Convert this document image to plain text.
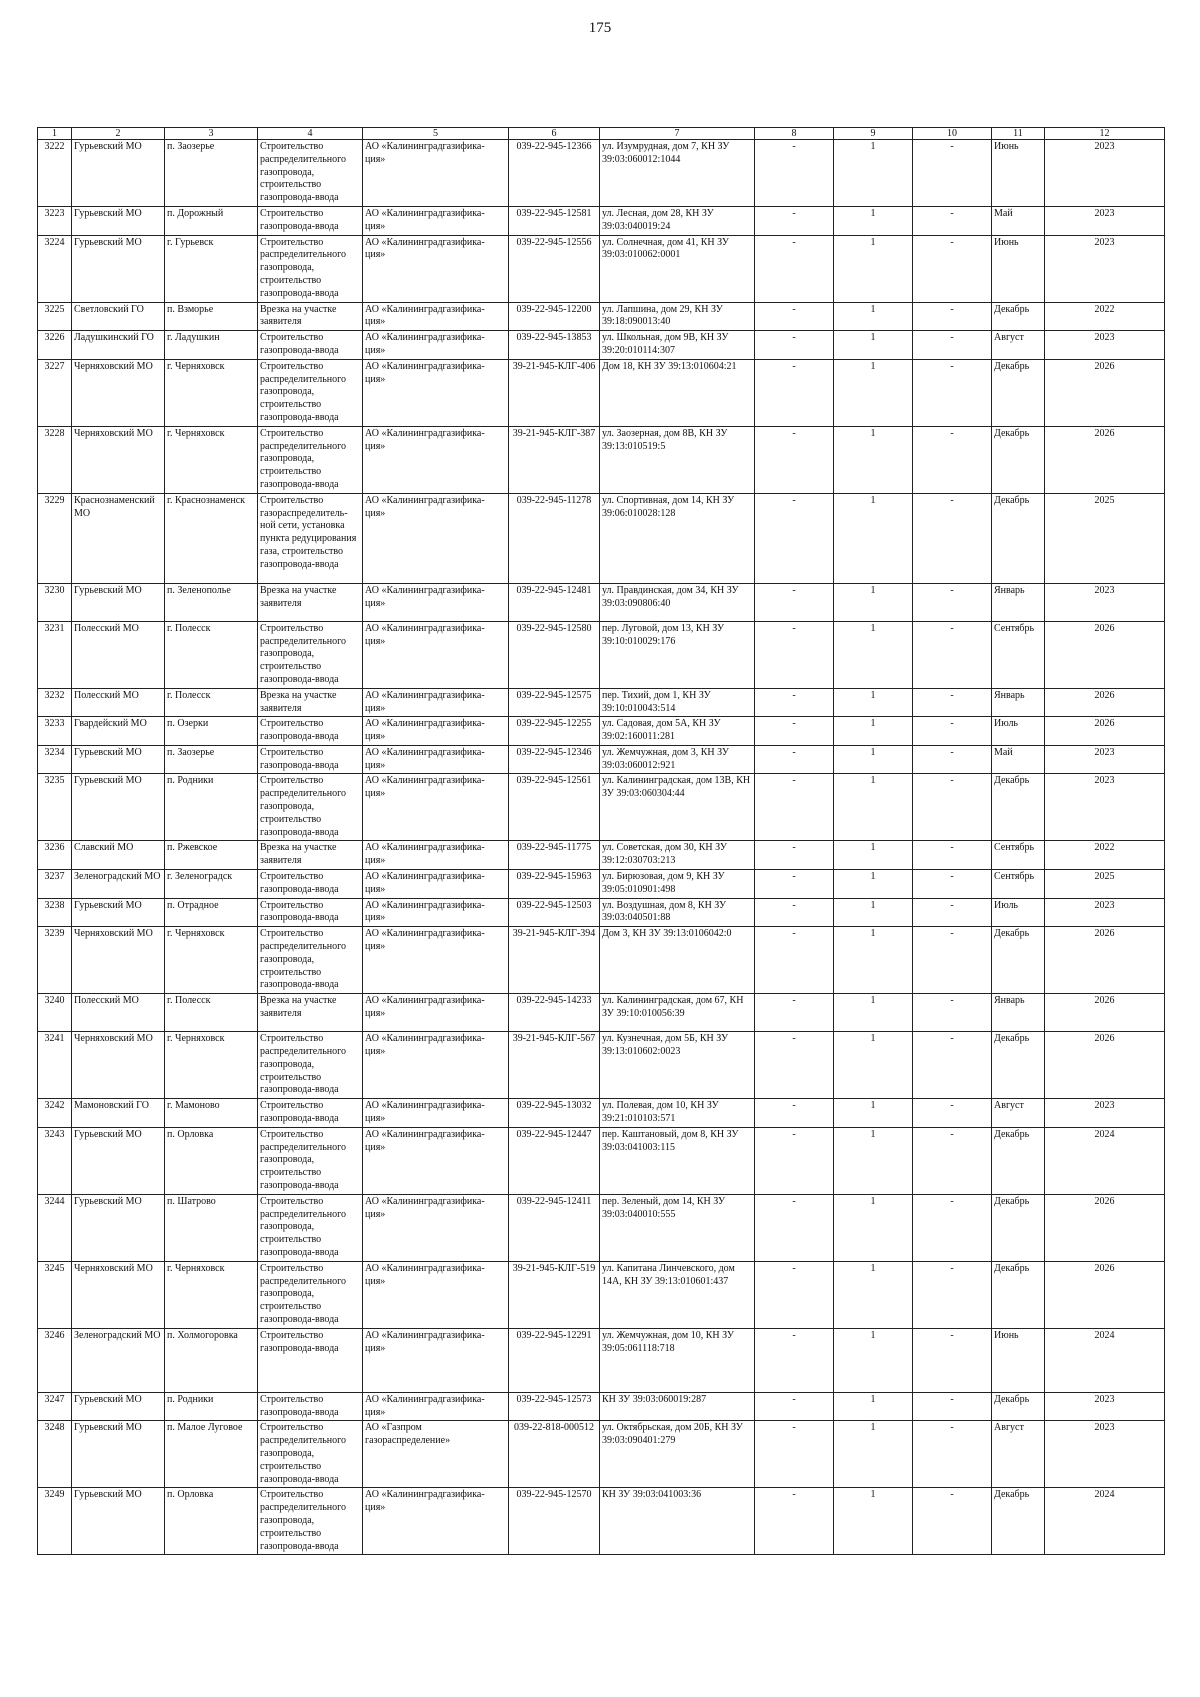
175
1	2	3	4	5	6	7	8	9	10	11	12
3222	Гурьевский МО	п. Заозерье	Строительство распределительного газопровода, строительство газопровода-ввода	АО «Калининградгазифика- ция»	039-22-945-12366	ул. Изумрудная, дом 7, КН ЗУ 39:03:060012:1044	-	1	-	Июнь	2023
3223	Гурьевский МО	п. Дорожный	Строительство газопровода-ввода	АО «Калининградгазифика- ция»	039-22-945-12581	ул. Лесная, дом 28, КН ЗУ 39:03:040019:24	-	1	-	Май	2023
3224	Гурьевский МО	г. Гурьевск	Строительство распределительного газопровода, строительство газопровода-ввода	АО «Калининградгазифика- ция»	039-22-945-12556	ул. Солнечная, дом 41, КН ЗУ 39:03:010062:0001	-	1	-	Июнь	2023
3225	Светловский ГО	п. Взморье	Врезка на участке заявителя	АО «Калининградгазифика- ция»	039-22-945-12200	ул. Лапшина, дом 29, КН ЗУ 39:18:090013:40	-	1	-	Декабрь	2022
3226	Ладушкинский ГО	г. Ладушкин	Строительство газопровода-ввода	АО «Калининградгазифика- ция»	039-22-945-13853	ул. Школьная, дом 9В, КН ЗУ 39:20:010114:307	-	1	-	Август	2023
3227	Черняховский МО	г. Черняховск	Строительство распределительного газопровода, строительство газопровода-ввода	АО «Калининградгазифика- ция»	39-21-945-КЛГ-406	Дом 18, КН ЗУ 39:13:010604:21	-	1	-	Декабрь	2026
3228	Черняховский МО	г. Черняховск	Строительство распределительного газопровода, строительство газопровода-ввода	АО «Калининградгазифика- ция»	39-21-945-КЛГ-387	ул. Заозерная, дом 8В, КН ЗУ 39:13:010519:5	-	1	-	Декабрь	2026
3229	Краснознаменский МО	г. Краснознаменск	Строительство газораспределитель- ной сети, установка пункта редуцирования газа, строительство газопровода-ввода	АО «Калининградгазифика- ция»	039-22-945-11278	ул. Спортивная, дом 14, КН ЗУ 39:06:010028:128	-	1	-	Декабрь	2025
3230	Гурьевский МО	п. Зеленополье	Врезка на участке заявителя	АО «Калининградгазифика- ция»	039-22-945-12481	ул. Правдинская, дом 34, КН ЗУ 39:03:090806:40	-	1	-	Январь	2023
3231	Полесский МО	г. Полесск	Строительство распределительного газопровода, строительство газопровода-ввода	АО «Калининградгазифика- ция»	039-22-945-12580	пер. Луговой, дом 13, КН ЗУ 39:10:010029:176	-	1	-	Сентябрь	2026
3232	Полесский МО	г. Полесск	Врезка на участке заявителя	АО «Калининградгазифика- ция»	039-22-945-12575	пер. Тихий, дом 1, КН ЗУ 39:10:010043:514	-	1	-	Январь	2026
3233	Гвардейский МО	п. Озерки	Строительство газопровода-ввода	АО «Калининградгазифика- ция»	039-22-945-12255	ул. Садовая, дом 5А, КН ЗУ 39:02:160011:281	-	1	-	Июль	2026
3234	Гурьевский МО	п. Заозерье	Строительство газопровода-ввода	АО «Калининградгазифика- ция»	039-22-945-12346	ул. Жемчужная, дом 3, КН ЗУ 39:03:060012:921	-	1	-	Май	2023
3235	Гурьевский МО	п. Родники	Строительство распределительного газопровода, строительство газопровода-ввода	АО «Калининградгазифика- ция»	039-22-945-12561	ул. Калининградская, дом 13В, КН ЗУ 39:03:060304:44	-	1	-	Декабрь	2023
3236	Славский МО	п. Ржевское	Врезка на участке заявителя	АО «Калининградгазифика- ция»	039-22-945-11775	ул. Советская, дом 30, КН ЗУ 39:12:030703:213	-	1	-	Сентябрь	2022
3237	Зеленоградский МО	г. Зеленоградск	Строительство газопровода-ввода	АО «Калининградгазифика- ция»	039-22-945-15963	ул. Бирюзовая, дом 9, КН ЗУ 39:05:010901:498	-	1	-	Сентябрь	2025
3238	Гурьевский МО	п. Отрадное	Строительство газопровода-ввода	АО «Калининградгазифика- ция»	039-22-945-12503	ул. Воздушная, дом 8, КН ЗУ 39:03:040501:88	-	1	-	Июль	2023
3239	Черняховский МО	г. Черняховск	Строительство распределительного газопровода, строительство газопровода-ввода	АО «Калининградгазифика- ция»	39-21-945-КЛГ-394	Дом 3, КН ЗУ 39:13:0106042:0	-	1	-	Декабрь	2026
3240	Полесский МО	г. Полесск	Врезка на участке заявителя	АО «Калининградгазифика- ция»	039-22-945-14233	ул. Калининградская, дом 67, КН ЗУ 39:10:010056:39	-	1	-	Январь	2026
3241	Черняховский МО	г. Черняховск	Строительство распределительного газопровода, строительство газопровода-ввода	АО «Калининградгазифика- ция»	39-21-945-КЛГ-567	ул. Кузнечная, дом 5Б, КН ЗУ 39:13:010602:0023	-	1	-	Декабрь	2026
3242	Мамоновский ГО	г. Мамоново	Строительство газопровода-ввода	АО «Калининградгазифика- ция»	039-22-945-13032	ул. Полевая, дом 10, КН ЗУ 39:21:010103:571	-	1	-	Август	2023
3243	Гурьевский МО	п. Орловка	Строительство распределительного газопровода, строительство газопровода-ввода	АО «Калининградгазифика- ция»	039-22-945-12447	пер. Каштановый, дом 8, КН ЗУ 39:03:041003:115	-	1	-	Декабрь	2024
3244	Гурьевский МО	п. Шатрово	Строительство распределительного газопровода, строительство газопровода-ввода	АО «Калининградгазифика- ция»	039-22-945-12411	пер. Зеленый, дом 14, КН ЗУ 39:03:040010:555	-	1	-	Декабрь	2026
3245	Черняховский МО	г. Черняховск	Строительство распределительного газопровода, строительство газопровода-ввода	АО «Калининградгазифика- ция»	39-21-945-КЛГ-519	ул. Капитана Линчевского, дом 14А, КН ЗУ 39:13:010601:437	-	1	-	Декабрь	2026
3246	Зеленоградский МО	п. Холмогоровка	Строительство газопровода-ввода	АО «Калининградгазифика- ция»	039-22-945-12291	ул. Жемчужная, дом 10, КН ЗУ 39:05:061118:718	-	1	-	Июнь	2024
3247	Гурьевский МО	п. Родники	Строительство газопровода-ввода	АО «Калининградгазифика- ция»	039-22-945-12573	КН ЗУ 39:03:060019:287	-	1	-	Декабрь	2023
3248	Гурьевский МО	п. Малое Луговое	Строительство распределительного газопровода, строительство газопровода-ввода	АО «Газпром газораспределение»	039-22-818-000512	ул. Октябрьская, дом 20Б, КН ЗУ 39:03:090401:279	-	1	-	Август	2023
3249	Гурьевский МО	п. Орловка	Строительство распределительного газопровода, строительство газопровода-ввода	АО «Калининградгазифика- ция»	039-22-945-12570	КН ЗУ 39:03:041003:36	-	1	-	Декабрь	2024
